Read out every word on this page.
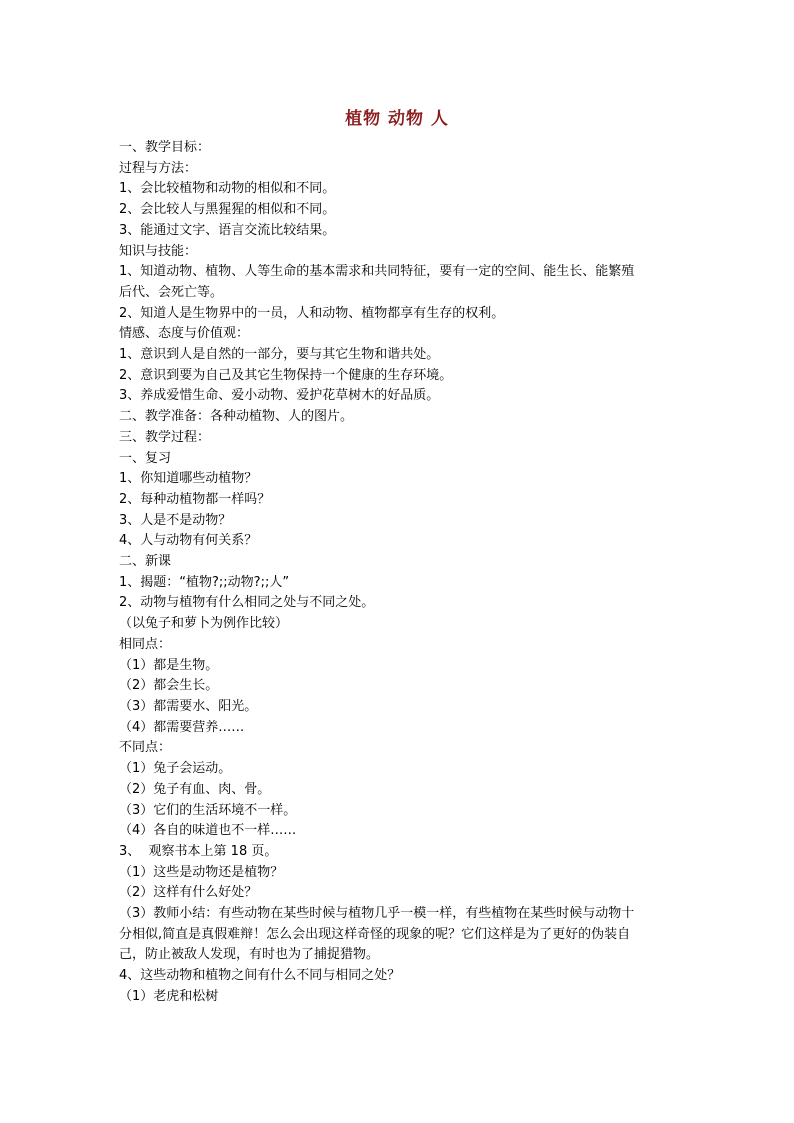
植物 动物 人
一、教学目标：
过程与方法：
1、会比较植物和动物的相似和不同。
2、会比较人与黑猩猩的相似和不同。
3、能通过文字、语言交流比较结果。
知识与技能：
1、知道动物、植物、人等生命的基本需求和共同特征，要有一定的空间、能生长、能繁殖
后代、会死亡等。
2、知道人是生物界中的一员，人和动物、植物都享有生存的权利。
情感、态度与价值观：
1、意识到人是自然的一部分，要与其它生物和谐共处。
2、意识到要为自己及其它生物保持一个健康的生存环境。
3、养成爱惜生命、爱小动物、爱护花草树木的好品质。
二、教学准备：各种动植物、人的图片。
三、教学过程：
一、复习
1、你知道哪些动植物？
2、每种动植物都一样吗？
3、人是不是动物？
4、人与动物有何关系？
二、新课
1、揭题：“植物?;;动物?;;人”
2、动物与植物有什么相同之处与不同之处。
（以兔子和萝卜为例作比较）
相同点：
（1）都是生物。
（2）都会生长。
（3）都需要水、阳光。
（4）都需要营养……
不同点：
（1）兔子会运动。
（2）兔子有血、肉、骨。
（3）它们的生活环境不一样。
（4）各自的味道也不一样……
3、  观察书本上第 18 页。
（1）这些是动物还是植物？
（2）这样有什么好处？
（3）教师小结：有些动物在某些时候与植物几乎一模一样，有些植物在某些时候与动物十
分相似,简直是真假难辩！怎么会出现这样奇怪的现象的呢？它们这样是为了更好的伪装自
己，防止被敌人发现，有时也为了捕捉猎物。
4、这些动物和植物之间有什么不同与相同之处？
（1）老虎和松树
